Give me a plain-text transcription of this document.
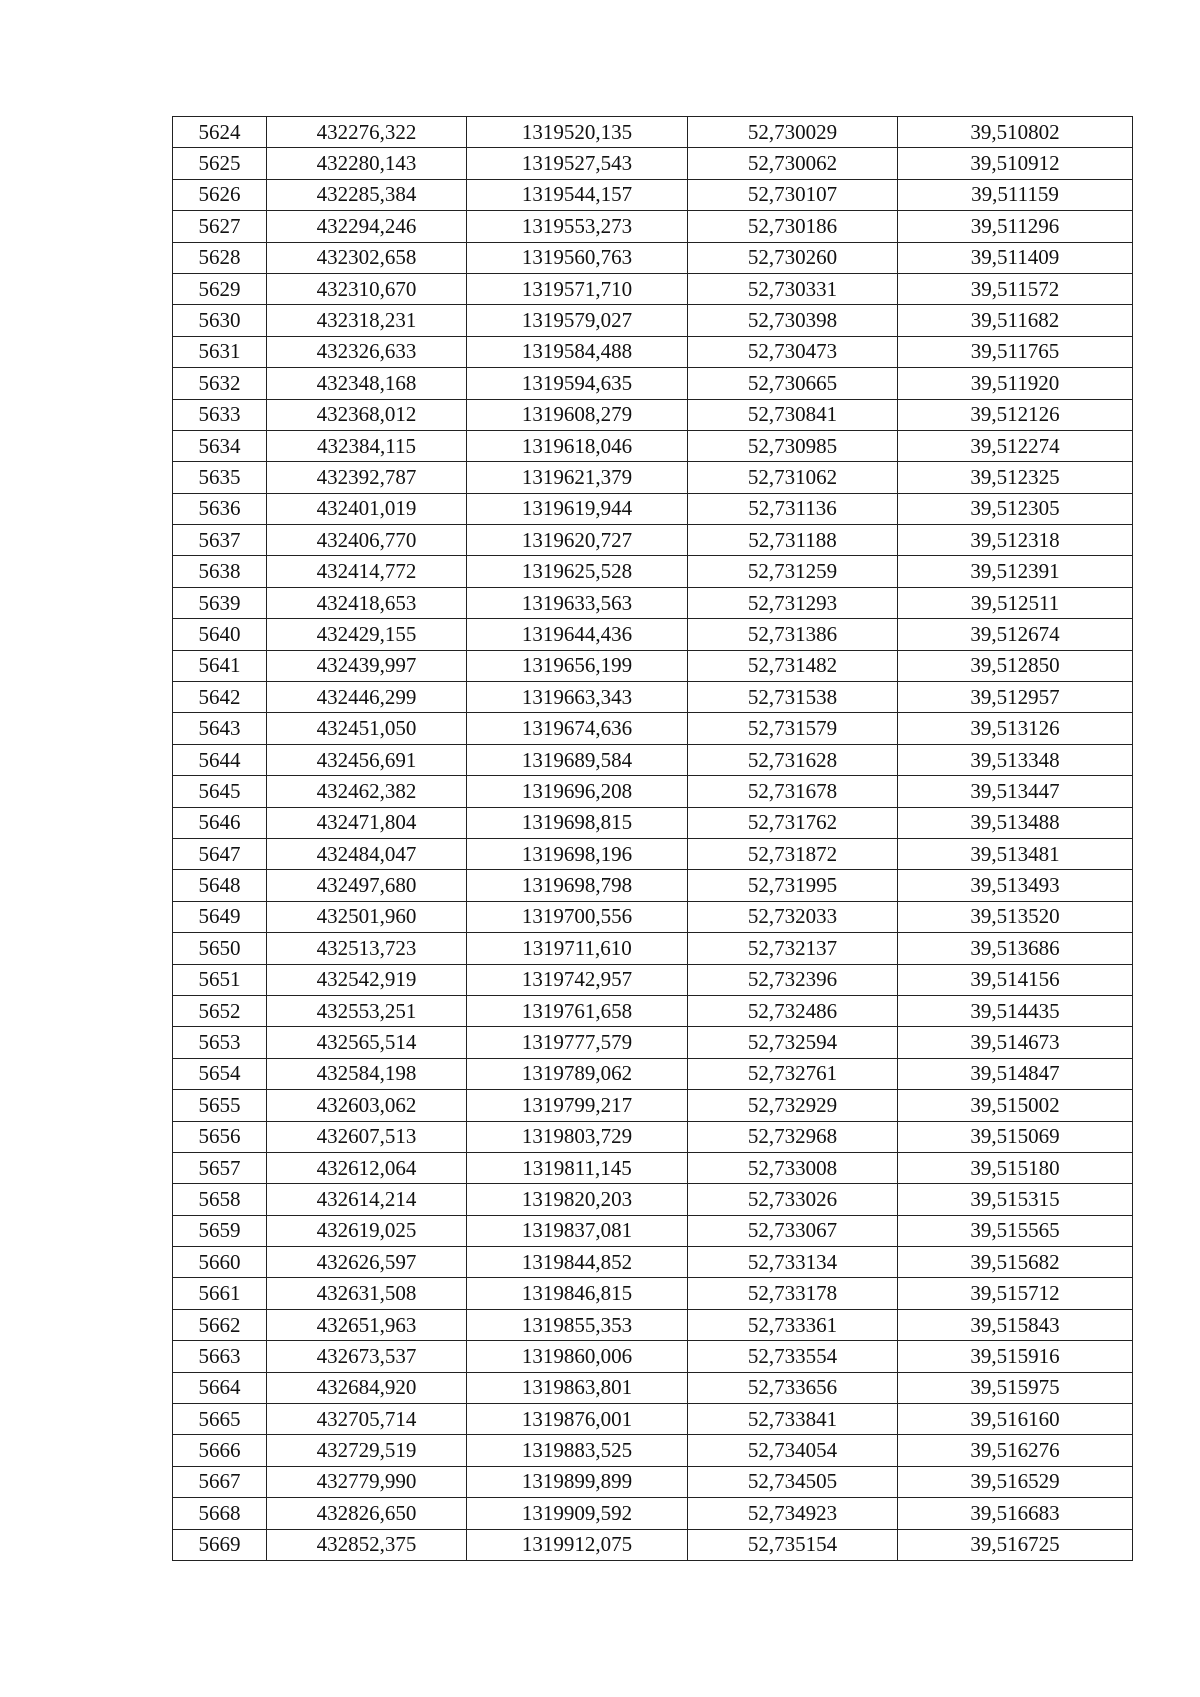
5624	432276,322	1319520,135	52,730029	39,510802
5625	432280,143	1319527,543	52,730062	39,510912
5626	432285,384	1319544,157	52,730107	39,511159
5627	432294,246	1319553,273	52,730186	39,511296
5628	432302,658	1319560,763	52,730260	39,511409
5629	432310,670	1319571,710	52,730331	39,511572
5630	432318,231	1319579,027	52,730398	39,511682
5631	432326,633	1319584,488	52,730473	39,511765
5632	432348,168	1319594,635	52,730665	39,511920
5633	432368,012	1319608,279	52,730841	39,512126
5634	432384,115	1319618,046	52,730985	39,512274
5635	432392,787	1319621,379	52,731062	39,512325
5636	432401,019	1319619,944	52,731136	39,512305
5637	432406,770	1319620,727	52,731188	39,512318
5638	432414,772	1319625,528	52,731259	39,512391
5639	432418,653	1319633,563	52,731293	39,512511
5640	432429,155	1319644,436	52,731386	39,512674
5641	432439,997	1319656,199	52,731482	39,512850
5642	432446,299	1319663,343	52,731538	39,512957
5643	432451,050	1319674,636	52,731579	39,513126
5644	432456,691	1319689,584	52,731628	39,513348
5645	432462,382	1319696,208	52,731678	39,513447
5646	432471,804	1319698,815	52,731762	39,513488
5647	432484,047	1319698,196	52,731872	39,513481
5648	432497,680	1319698,798	52,731995	39,513493
5649	432501,960	1319700,556	52,732033	39,513520
5650	432513,723	1319711,610	52,732137	39,513686
5651	432542,919	1319742,957	52,732396	39,514156
5652	432553,251	1319761,658	52,732486	39,514435
5653	432565,514	1319777,579	52,732594	39,514673
5654	432584,198	1319789,062	52,732761	39,514847
5655	432603,062	1319799,217	52,732929	39,515002
5656	432607,513	1319803,729	52,732968	39,515069
5657	432612,064	1319811,145	52,733008	39,515180
5658	432614,214	1319820,203	52,733026	39,515315
5659	432619,025	1319837,081	52,733067	39,515565
5660	432626,597	1319844,852	52,733134	39,515682
5661	432631,508	1319846,815	52,733178	39,515712
5662	432651,963	1319855,353	52,733361	39,515843
5663	432673,537	1319860,006	52,733554	39,515916
5664	432684,920	1319863,801	52,733656	39,515975
5665	432705,714	1319876,001	52,733841	39,516160
5666	432729,519	1319883,525	52,734054	39,516276
5667	432779,990	1319899,899	52,734505	39,516529
5668	432826,650	1319909,592	52,734923	39,516683
5669	432852,375	1319912,075	52,735154	39,516725
